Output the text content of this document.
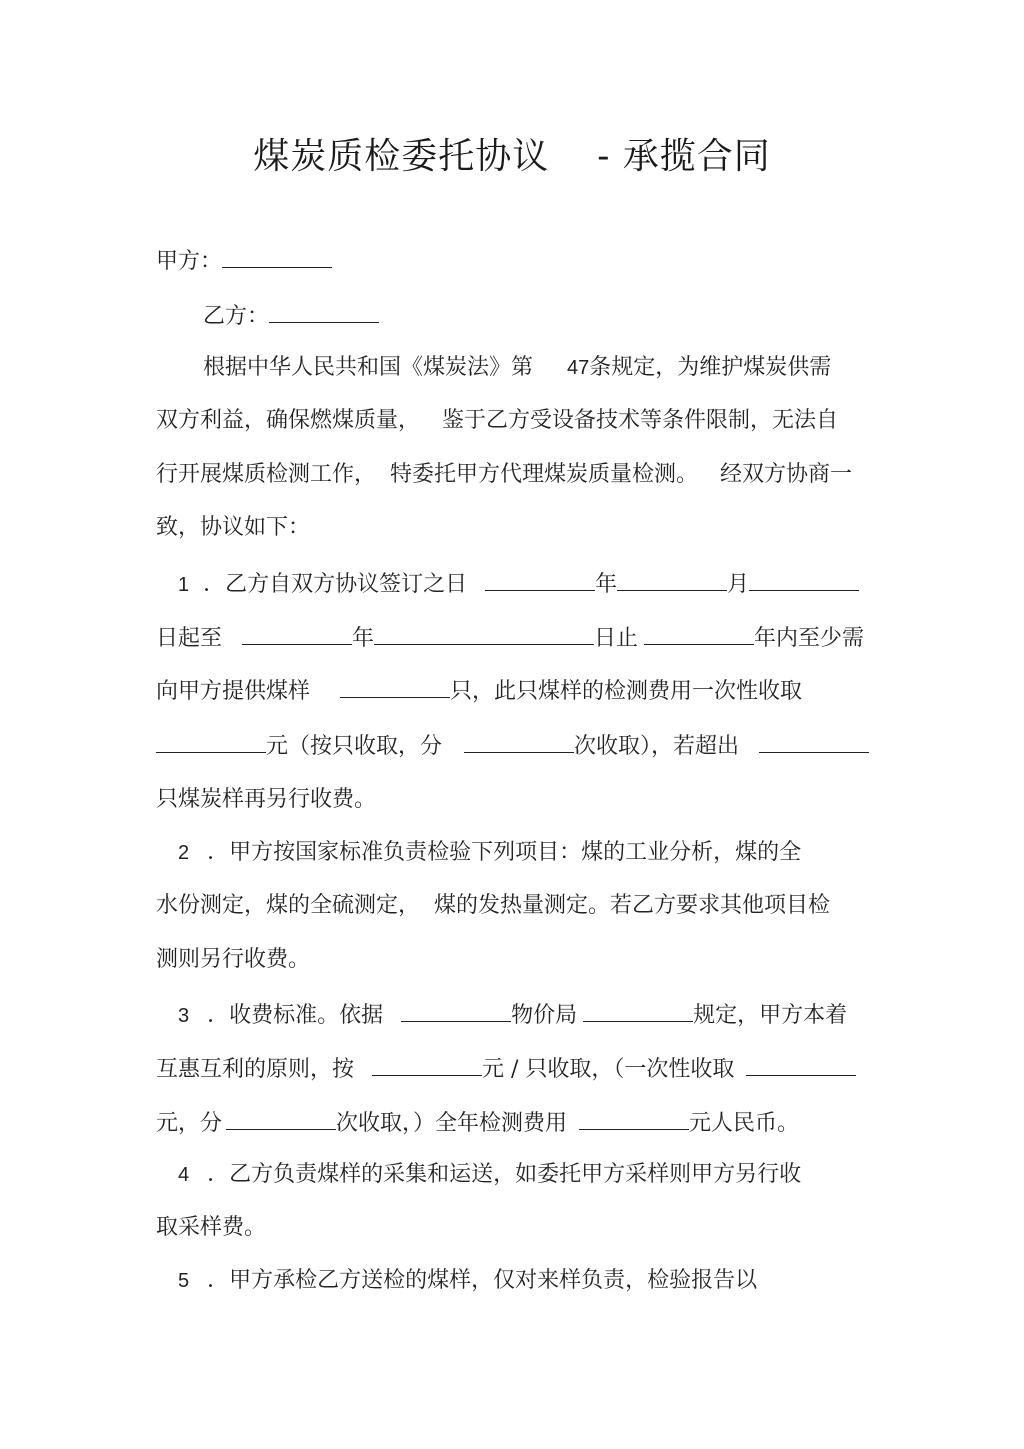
煤炭质检委托协议 - 承揽合同
甲方：
乙方：
根据中华人民共和国《煤炭法》第 47条规定，为维护煤炭供需
双方利益，确保燃煤质量， 鉴于乙方受设备技术等条件限制，无法自
行开展煤质检测工作， 特委托甲方代理煤炭质量检测。 经双方协商一
致，协议如下：
1 ．乙方自双方协议签订之日	年	月
日起至	年	日止	年内至少需
向甲方提供煤样	只，此只煤样的检测费用一次性收取
元（按只收取，分	次收取），若超出
只煤炭样再另行收费。
2 ．甲方按国家标准负责检验下列项目：煤的工业分析，煤的全
水份测定，煤的全硫测定， 煤的发热量测定。若乙方要求其他项目检
测则另行收费。
3 ．收费标准。依据	物价局	规定，甲方本着
互惠互利的原则，按	元 / 只收取，（一次性收取
元，分	次收取，）全年检测费用	元人民币。
4 ．乙方负责煤样的采集和运送，如委托甲方采样则甲方另行收
取采样费。
5 ．甲方承检乙方送检的煤样，仅对来样负责，检验报告以
